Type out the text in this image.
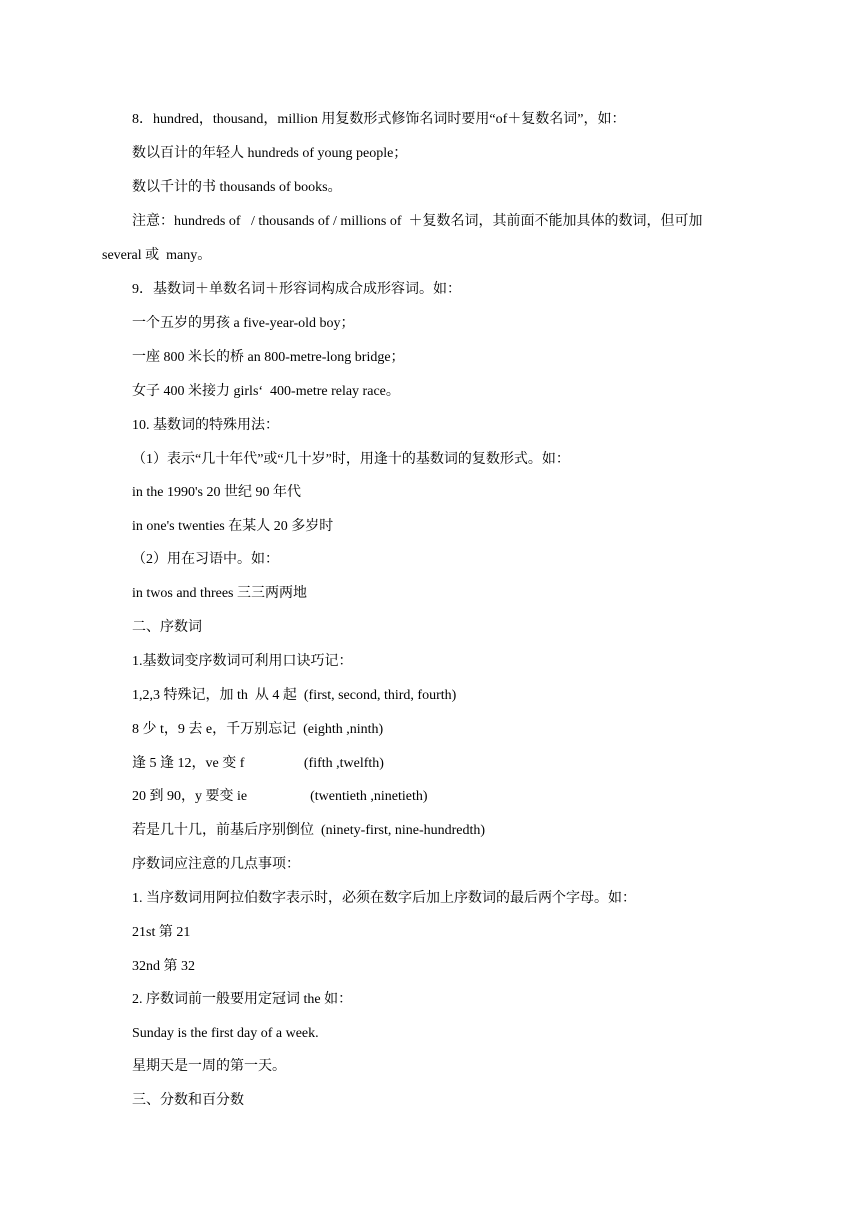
8．hundred，thousand，million 用复数形式修饰名词时要用“of＋复数名词”，如：
数以百计的年轻人 hundreds of young people；
数以千计的书 thousands of books。
注意：hundreds of   / thousands of / millions of  ＋复数名词，其前面不能加具体的数词，但可加
several 或  many。
9．基数词＋单数名词＋形容词构成合成形容词。如：
一个五岁的男孩 a five-year-old boy；
一座 800 米长的桥 an 800-metre-long bridge；
女子 400 米接力 girls‘  400-metre relay race。
10. 基数词的特殊用法：
（1）表示“几十年代”或“几十岁”时，用逢十的基数词的复数形式。如：
in the 1990's 20 世纪 90 年代
in one's twenties 在某人 20 多岁时
（2）用在习语中。如：
in twos and threes 三三两两地
二、序数词
1.基数词变序数词可利用口诀巧记：
1,2,3 特殊记，加 th  从 4 起  (first, second, third, fourth)
8 少 t，9 去 e，千万别忘记  (eighth ,ninth)
逢 5 逢 12，ve 变 f                 (fifth ,twelfth)
20 到 90，y 要变 ie                  (twentieth ,ninetieth)
若是几十几，前基后序别倒位  (ninety-first, nine-hundredth)
序数词应注意的几点事项：
1. 当序数词用阿拉伯数字表示时，必须在数字后加上序数词的最后两个字母。如：
21st 第 21
32nd 第 32
2. 序数词前一般要用定冠词 the 如：
Sunday is the first day of a week.
星期天是一周的第一天。
三、分数和百分数
